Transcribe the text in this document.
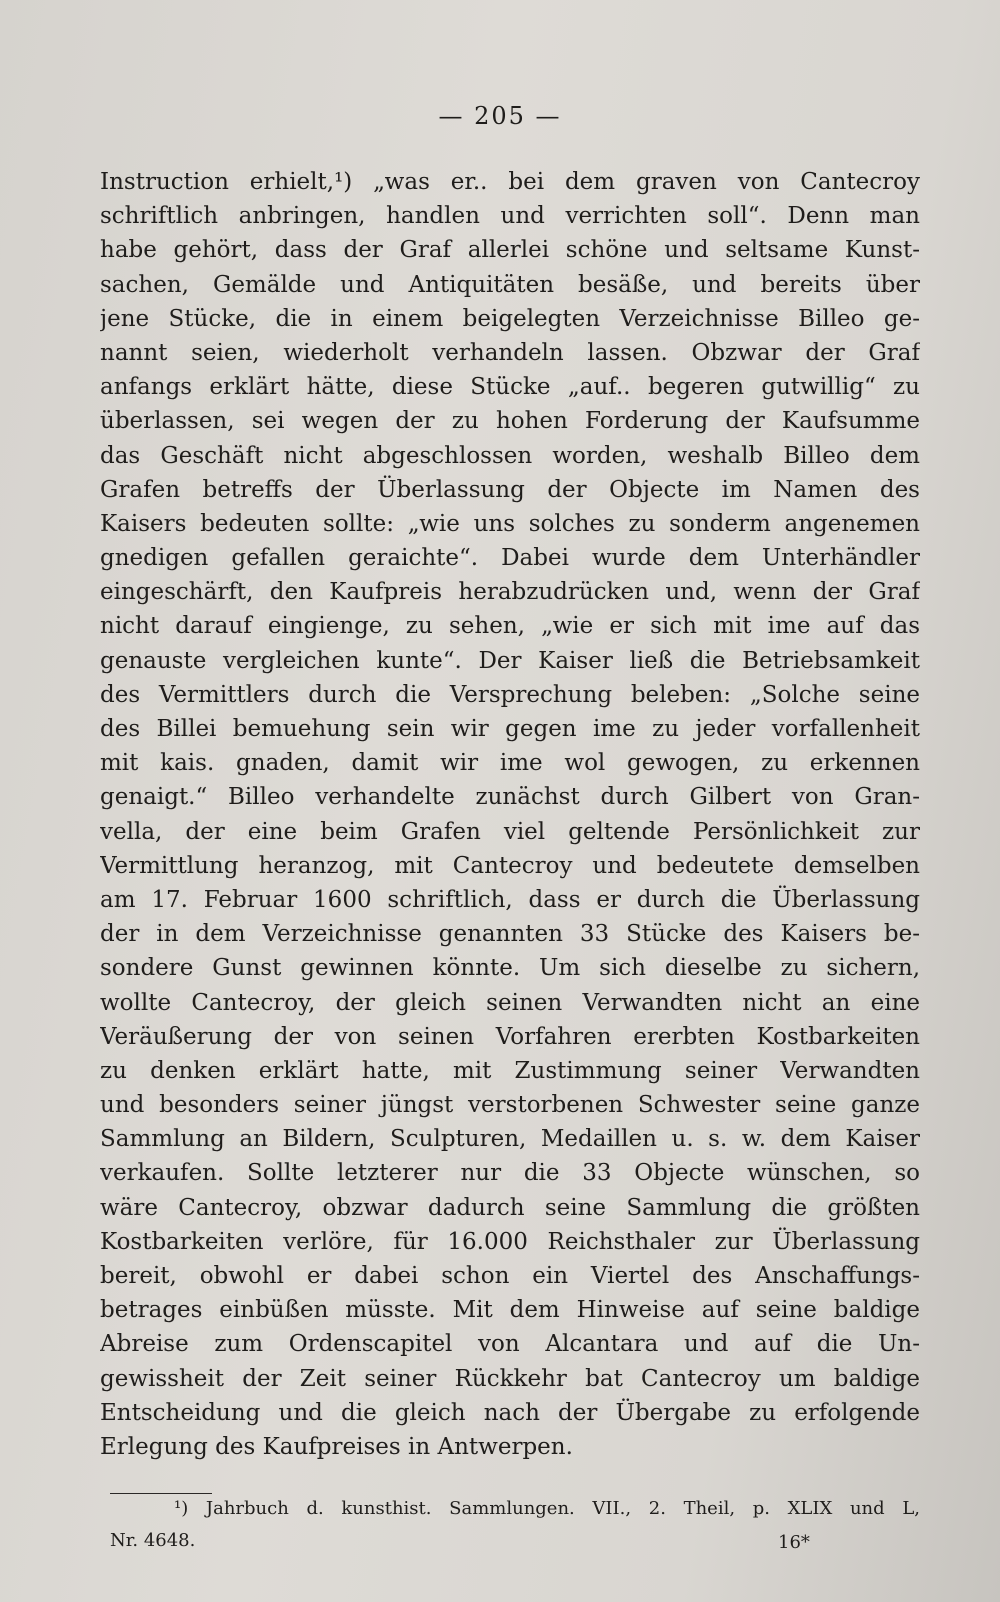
— 205 —
Instruction erhielt,¹) „was er.. bei dem graven von Cantecroy
schriftlich anbringen, handlen und verrichten soll“. Denn man
habe gehört, dass der Graf allerlei schöne und seltsame Kunst-
sachen, Gemälde und Antiquitäten besäße, und bereits über
jene Stücke, die in einem beigelegten Verzeichnisse Billeo ge-
nannt seien, wiederholt verhandeln lassen. Obzwar der Graf
anfangs erklärt hätte, diese Stücke „auf.. begeren gutwillig“ zu
überlassen, sei wegen der zu hohen Forderung der Kaufsumme
das Geschäft nicht abgeschlossen worden, weshalb Billeo dem
Grafen betreffs der Überlassung der Objecte im Namen des
Kaisers bedeuten sollte: „wie uns solches zu sonderm angenemen
gnedigen gefallen geraichte“. Dabei wurde dem Unterhändler
eingeschärft, den Kaufpreis herabzudrücken und, wenn der Graf
nicht darauf eingienge, zu sehen, „wie er sich mit ime auf das
genauste vergleichen kunte“. Der Kaiser ließ die Betriebsamkeit
des Vermittlers durch die Versprechung beleben: „Solche seine
des Billei bemuehung sein wir gegen ime zu jeder vorfallenheit
mit kais. gnaden, damit wir ime wol gewogen, zu erkennen
genaigt.“ Billeo verhandelte zunächst durch Gilbert von Gran-
vella, der eine beim Grafen viel geltende Persönlichkeit zur
Vermittlung heranzog, mit Cantecroy und bedeutete demselben
am 17. Februar 1600 schriftlich, dass er durch die Überlassung
der in dem Verzeichnisse genannten 33 Stücke des Kaisers be-
sondere Gunst gewinnen könnte. Um sich dieselbe zu sichern,
wollte Cantecroy, der gleich seinen Verwandten nicht an eine
Veräußerung der von seinen Vorfahren ererbten Kostbarkeiten
zu denken erklärt hatte, mit Zustimmung seiner Verwandten
und besonders seiner jüngst verstorbenen Schwester seine ganze
Sammlung an Bildern, Sculpturen, Medaillen u. s. w. dem Kaiser
verkaufen. Sollte letzterer nur die 33 Objecte wünschen, so
wäre Cantecroy, obzwar dadurch seine Sammlung die größten
Kostbarkeiten verlöre, für 16.000 Reichsthaler zur Überlassung
bereit, obwohl er dabei schon ein Viertel des Anschaffungs-
betrages einbüßen müsste. Mit dem Hinweise auf seine baldige
Abreise zum Ordenscapitel von Alcantara und auf die Un-
gewissheit der Zeit seiner Rückkehr bat Cantecroy um baldige
Entscheidung und die gleich nach der Übergabe zu erfolgende
Erlegung des Kaufpreises in Antwerpen.
¹) Jahrbuch d. kunsthist. Sammlungen. VII., 2. Theil, p. XLIX und L,
Nr. 4648.	16*
